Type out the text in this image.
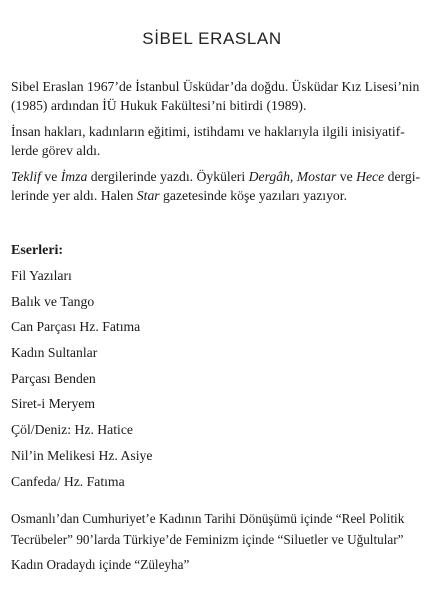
SİBEL ERASLAN

Sibel Eraslan 1967’de İstanbul Üsküdar’da doğdu. Üsküdar Kız Lisesi’nin
(1985) ardından İÜ Hukuk Fakültesi’ni bitirdi (1989).

İnsan hakları, kadınların eğitimi, istihdamı ve haklarıyla ilgili inisiyatif-
lerde görev aldı.

Teklif ve İmza dergilerinde yazdı. Öyküleri Dergâh, Mostar ve Hece dergi-
lerinde yer aldı. Halen Star gazetesinde köşe yazıları yazıyor.

Eserleri:
Fil Yazıları
Balık ve Tango
Can Parçası Hz. Fatıma
Kadın Sultanlar
Parçası Benden
Siret-i Meryem
Çöl/Deniz: Hz. Hatice
Nil’in Melikesi Hz. Asiye
Canfeda/ Hz. Fatıma
Osmanlı’dan Cumhuriyet’e Kadının Tarihi Dönüşümü içinde “Reel Politik
Tecrübeler” 90’larda Türkiye’de Feminizm içinde “Siluetler ve Uğultular”
Kadın Oradaydı içinde “Züleyha”
